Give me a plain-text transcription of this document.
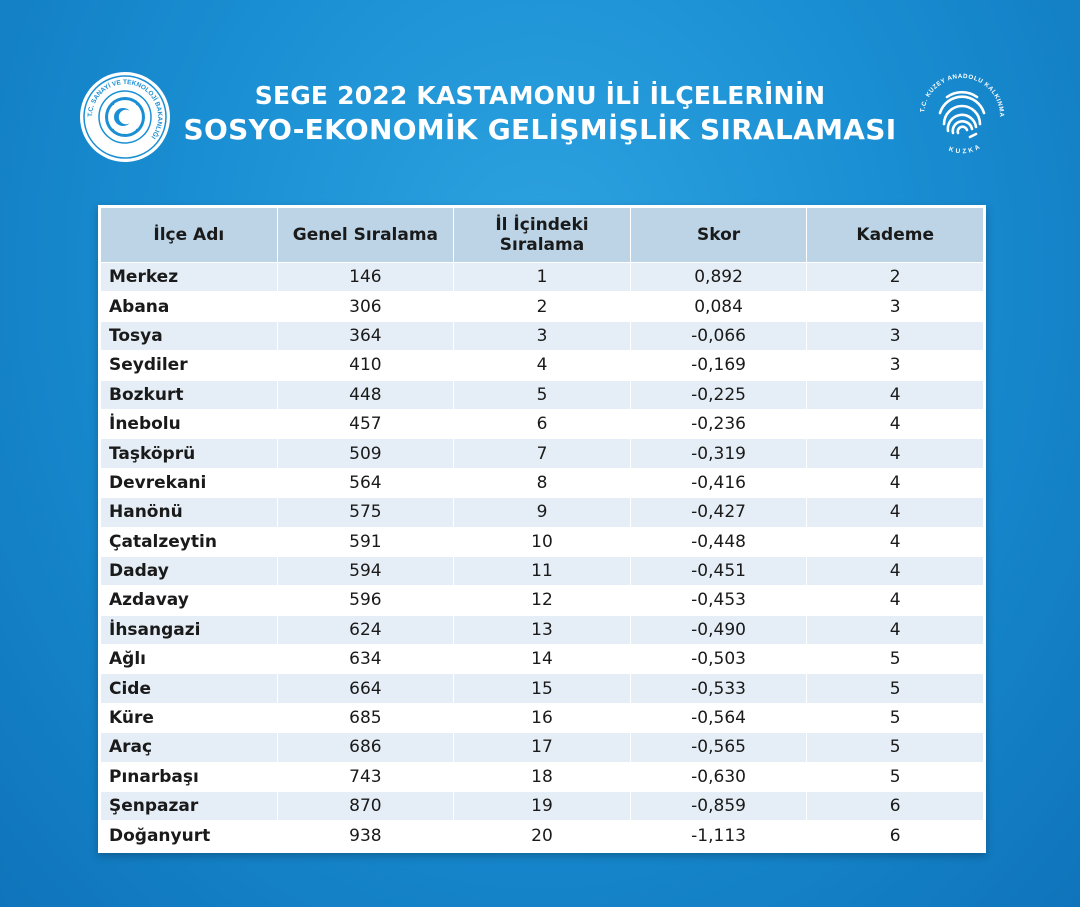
T.C. SANAYİ VE TEKNOLOJİ BAKANLIĞI
SEGE 2022 KASTAMONU İLİ İLÇELERİNİN
SOSYO-EKONOMİK GELİŞMİŞLİK SIRALAMASI
T.C. KUZEY ANADOLU KALKINMA
KUZKA
İlçe Adı	Genel Sıralama	İl İçindeki Sıralama	Skor	Kademe
Merkez	146	1	0,892	2
Abana	306	2	0,084	3
Tosya	364	3	-0,066	3
Seydiler	410	4	-0,169	3
Bozkurt	448	5	-0,225	4
İnebolu	457	6	-0,236	4
Taşköprü	509	7	-0,319	4
Devrekani	564	8	-0,416	4
Hanönü	575	9	-0,427	4
Çatalzeytin	591	10	-0,448	4
Daday	594	11	-0,451	4
Azdavay	596	12	-0,453	4
İhsangazi	624	13	-0,490	4
Ağlı	634	14	-0,503	5
Cide	664	15	-0,533	5
Küre	685	16	-0,564	5
Araç	686	17	-0,565	5
Pınarbaşı	743	18	-0,630	5
Şenpazar	870	19	-0,859	6
Doğanyurt	938	20	-1,113	6
